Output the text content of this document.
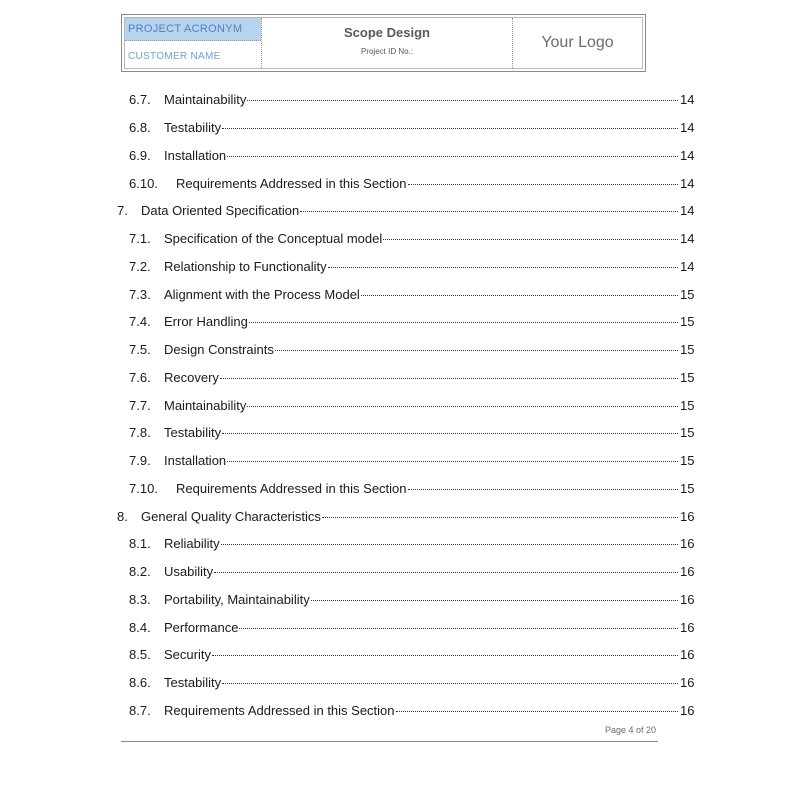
PROJECT ACRONYM
CUSTOMER NAME
Scope Design
Project ID No.:
Your Logo
6.7. Maintainability	14
6.8. Testability	14
6.9. Installation	14
6.10. Requirements Addressed in this Section	14
7. Data Oriented Specification	14
7.1. Specification of the Conceptual model	14
7.2. Relationship to Functionality	14
7.3. Alignment with the Process Model	15
7.4. Error Handling	15
7.5. Design Constraints	15
7.6. Recovery	15
7.7. Maintainability	15
7.8. Testability	15
7.9. Installation	15
7.10. Requirements Addressed in this Section	15
8. General Quality Characteristics	16
8.1. Reliability	16
8.2. Usability	16
8.3. Portability, Maintainability	16
8.4. Performance	16
8.5. Security	16
8.6. Testability	16
8.7. Requirements Addressed in this Section	16
Page 4 of 20
